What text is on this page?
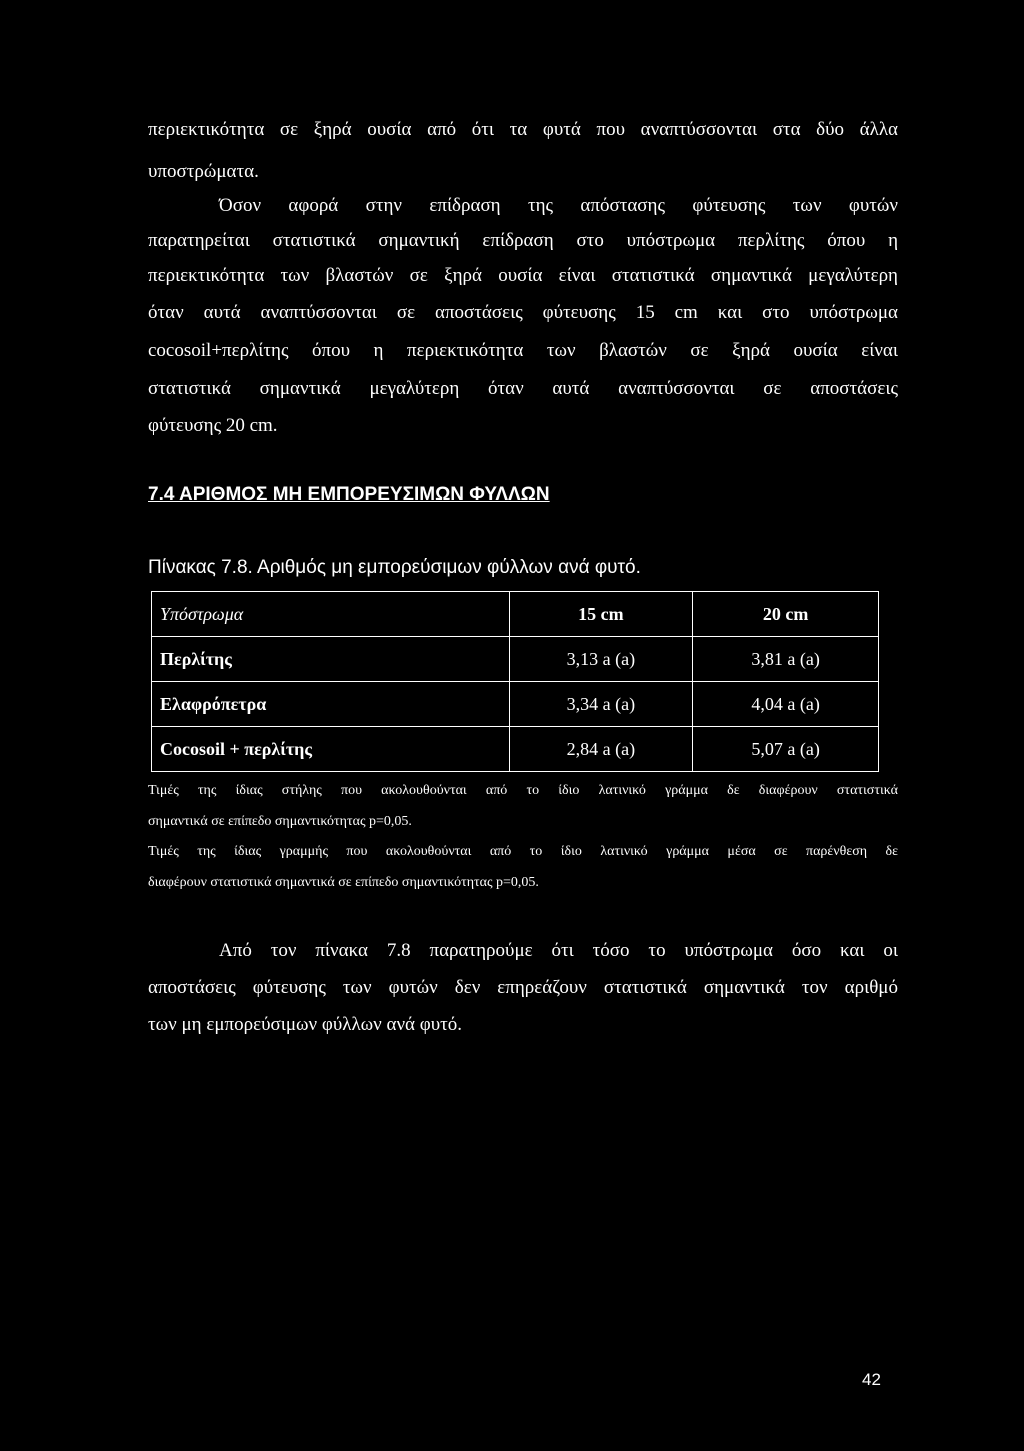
περιεκτικότητα σε ξηρά ουσία από ότι τα φυτά που αναπτύσσονται στα δύο άλλα
υποστρώματα.
Όσον αφορά στην επίδραση της απόστασης φύτευσης των φυτών
παρατηρείται στατιστικά σημαντική επίδραση στο υπόστρωμα περλίτης όπου η
περιεκτικότητα των βλαστών σε ξηρά ουσία είναι στατιστικά σημαντικά μεγαλύτερη
όταν αυτά αναπτύσσονται σε αποστάσεις φύτευσης 15 cm και στο υπόστρωμα
cocosoil+περλίτης όπου η περιεκτικότητα των βλαστών σε ξηρά ουσία είναι
στατιστικά σημαντικά μεγαλύτερη όταν αυτά αναπτύσσονται σε αποστάσεις
φύτευσης 20 cm.
7.4 ΑΡΙΘΜΟΣ ΜΗ ΕΜΠΟΡΕΥΣΙΜΩΝ ΦΥΛΛΩΝ
Πίνακας 7.8. Αριθμός μη εμπορεύσιμων φύλλων ανά φυτό.
Υπόστρωμα	15 cm	20 cm
Περλίτης	3,13 a (a)	3,81 a (a)
Ελαφρόπετρα	3,34 a (a)	4,04 a (a)
Cocosoil + περλίτης	2,84 a (a)	5,07 a (a)
Τιμές της ίδιας στήλης που ακολουθούνται από το ίδιο λατινικό γράμμα δε διαφέρουν στατιστικά
σημαντικά σε επίπεδο σημαντικότητας p=0,05.
Τιμές της ίδιας γραμμής που ακολουθούνται από το ίδιο λατινικό γράμμα μέσα σε παρένθεση δε
διαφέρουν στατιστικά σημαντικά σε επίπεδο σημαντικότητας p=0,05.
Από τον πίνακα 7.8 παρατηρούμε ότι τόσο το υπόστρωμα όσο και οι
αποστάσεις φύτευσης των φυτών δεν επηρεάζουν στατιστικά σημαντικά τον αριθμό
των μη εμπορεύσιμων φύλλων ανά φυτό.
42
